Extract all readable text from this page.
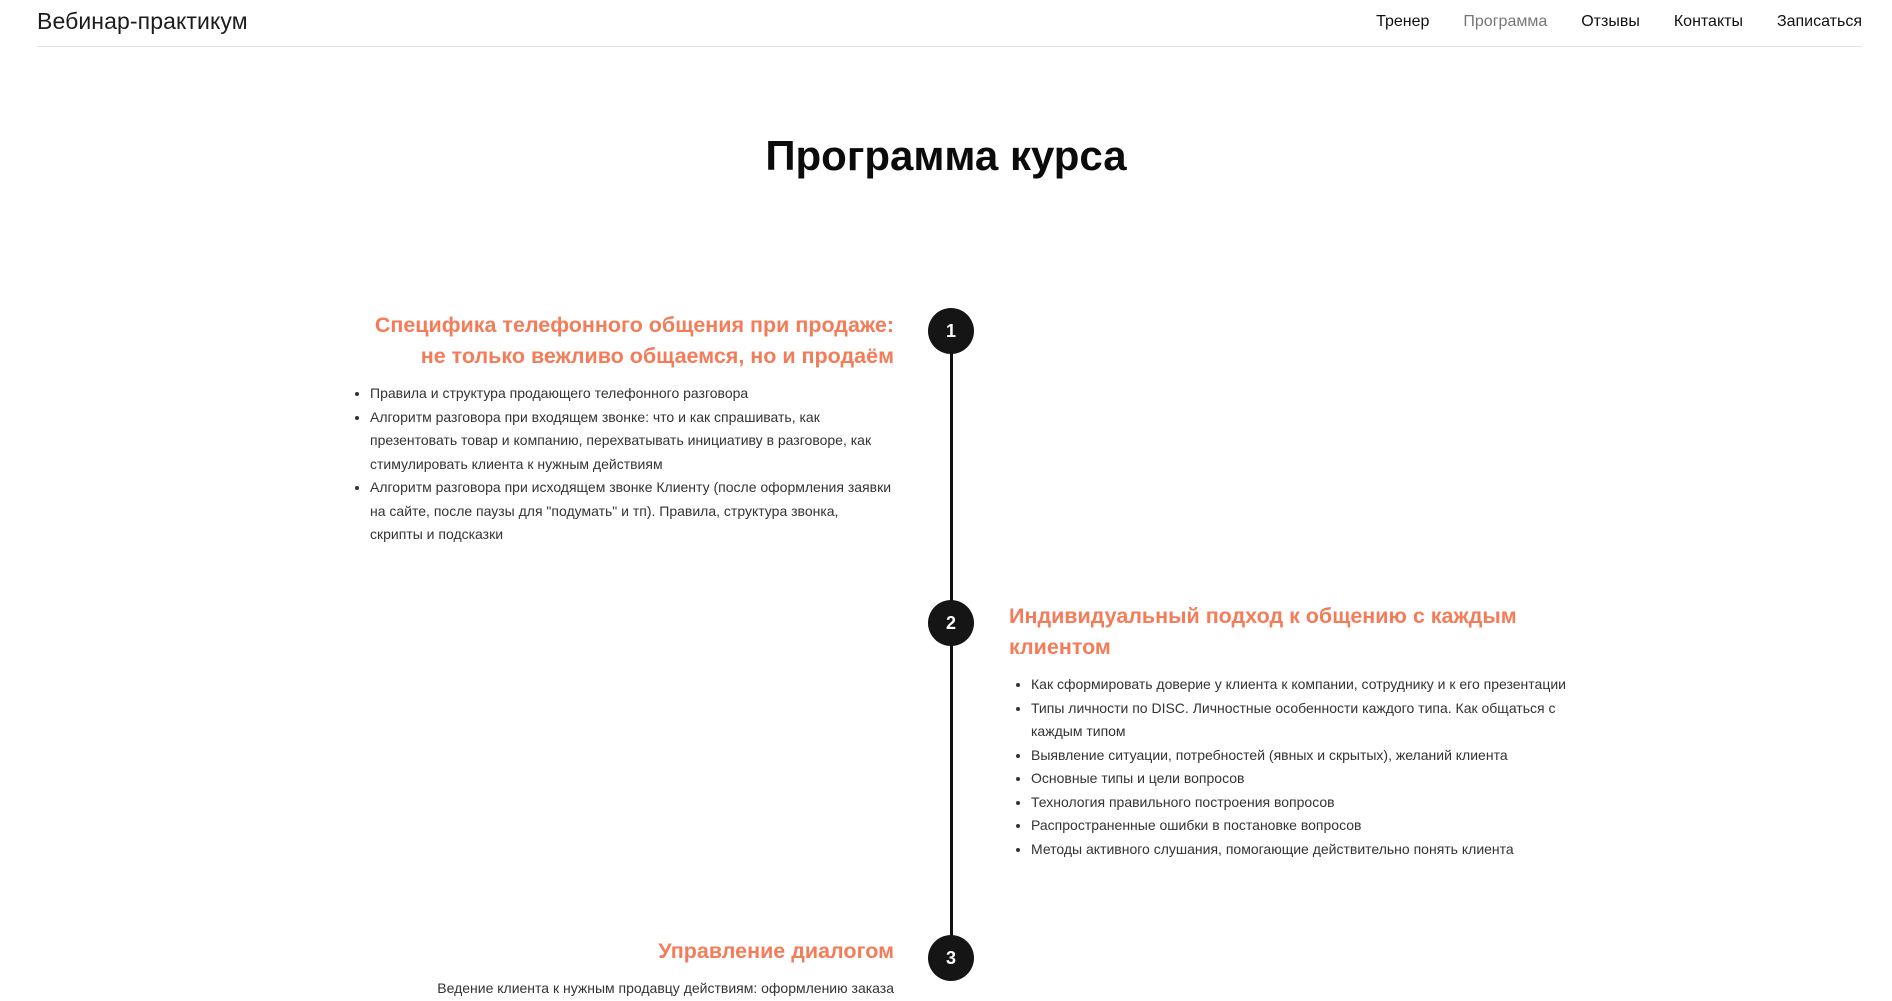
Вебинар-практикум	Тренер Программа Отзывы Контакты Записаться
Программа курса
1
Специфика телефонного общения при продаже: не только вежливо общаемся, но и продаём
• Правила и структура продающего телефонного разговора
• Алгоритм разговора при входящем звонке: что и как спрашивать, как презентовать товар и компанию, перехватывать инициативу в разговоре, как стимулировать клиента к нужным действиям
• Алгоритм разговора при исходящем звонке Клиенту (после оформления заявки на сайте, после паузы для "подумать" и тп). Правила, структура звонка, скрипты и подсказки
2	Индивидуальный подход к общению с каждым клиентом
• Как сформировать доверие у клиента к компании, сотруднику и к его презентации
• Типы личности по DISC. Личностные особенности каждого типа. Как общаться с каждым типом
• Выявление ситуации, потребностей (явных и скрытых), желаний клиента
• Основные типы и цели вопросов
• Технология правильного построения вопросов
• Распространенные ошибки в постановке вопросов
• Методы активного слушания, помогающие действительно понять клиента
3
Управление диалогом

Ведение клиента к нужным продавцу действиям: оформлению заказа
